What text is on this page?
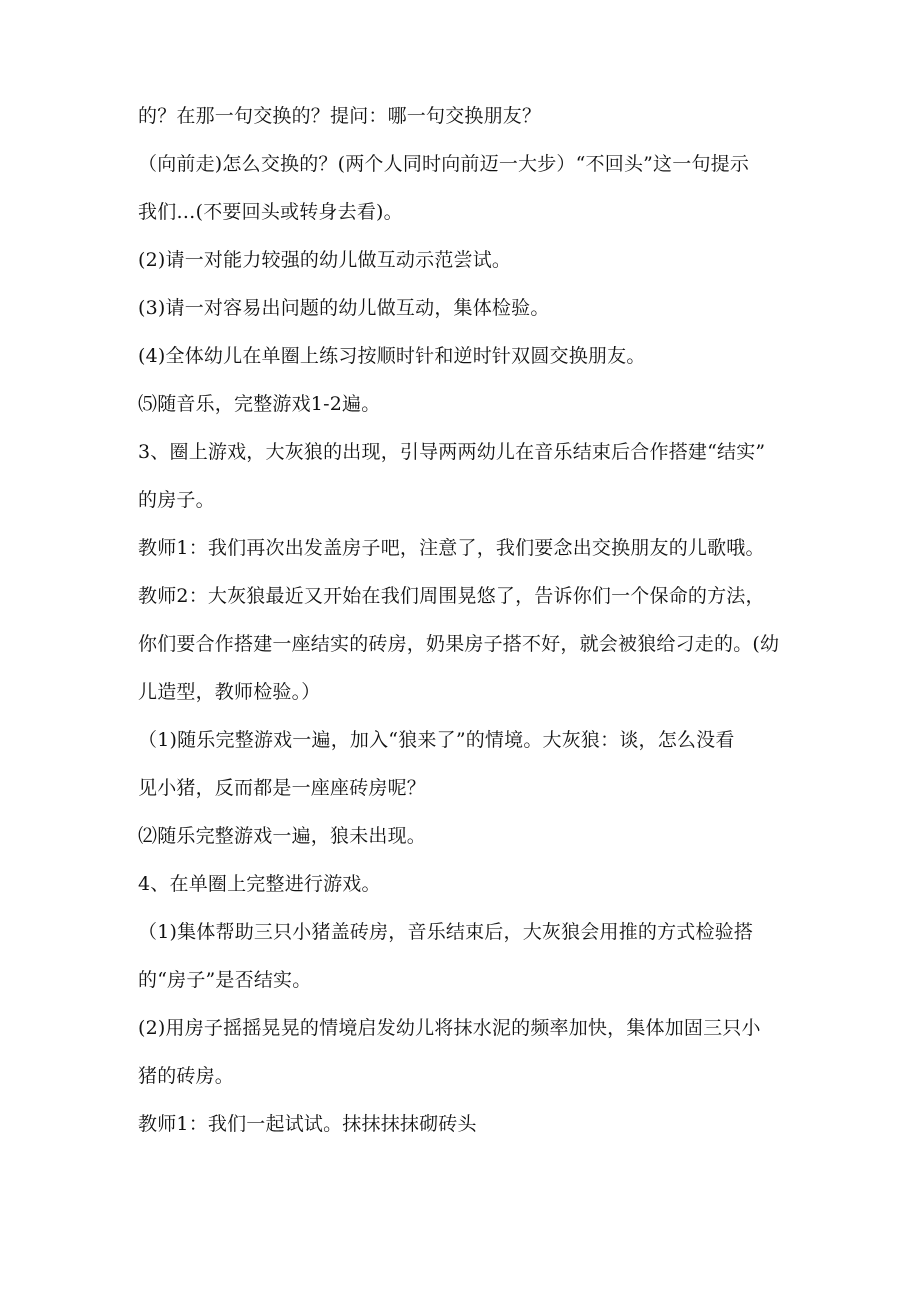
的？在那一句交换的？提问：哪一句交换朋友？
（向前走)怎么交换的？(两个人同时向前迈一大步）“不回头”这一句提示
我们…(不要回头或转身去看)。
(2)请一对能力较强的幼儿做互动示范尝试。
(3)请一对容易出问题的幼儿做互动，集体检验。
(4)全体幼儿在单圈上练习按顺时针和逆时针双圆交换朋友。
⑸随音乐，完整游戏1-2遍。
3、圈上游戏，大灰狼的出现，引导两两幼儿在音乐结束后合作搭建“结实”
的房子。
教师1：我们再次出发盖房子吧，注意了，我们要念出交换朋友的儿歌哦。
教师2：大灰狼最近又开始在我们周围晃悠了，告诉你们一个保命的方法，
你们要合作搭建一座结实的砖房，奶果房子搭不好，就会被狼给刁走的。(幼
儿造型，教师检验。）
（1)随乐完整游戏一遍，加入“狼来了”的情境。大灰狼：谈，怎么没看
见小猪，反而都是一座座砖房呢？
⑵随乐完整游戏一遍，狼未出现。
4、在单圈上完整进行游戏。
（1)集体帮助三只小猪盖砖房，音乐结束后，大灰狼会用推的方式检验搭
的“房子”是否结实。
(2)用房子摇摇晃晃的情境启发幼儿将抹水泥的频率加快，集体加固三只小
猪的砖房。
教师1：我们一起试试。抹抹抹抹砌砖头
